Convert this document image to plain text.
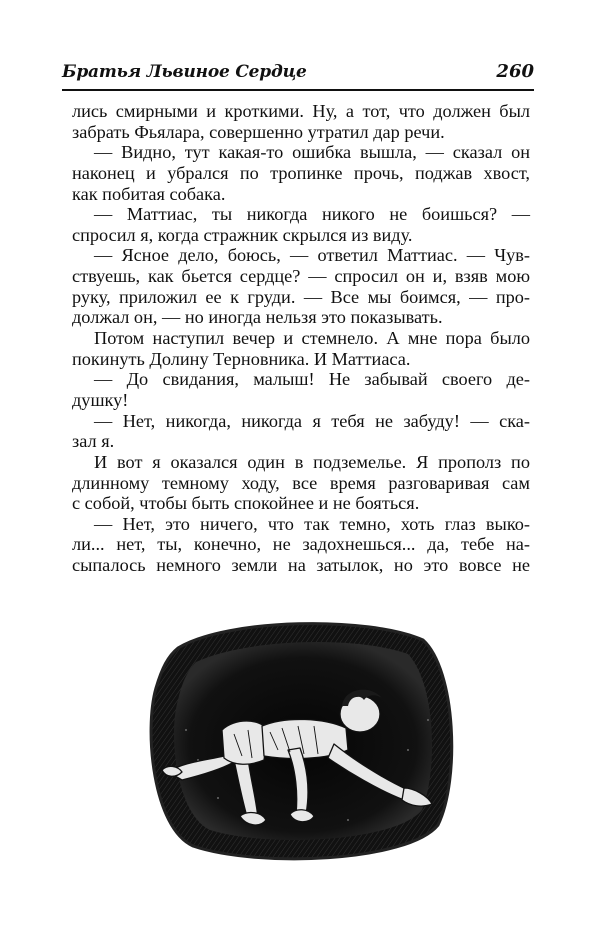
Братья Львиное Сердце	260
лись смирными и кроткими. Ну, а тот, что должен был
забрать Фьялара, совершенно утратил дар речи.
— Видно, тут какая-то ошибка вышла, — сказал он
наконец и убрался по тропинке прочь, поджав хвост,
как побитая собака.
— Маттиас, ты никогда никого не боишься? —
спросил я, когда стражник скрылся из виду.
— Ясное дело, боюсь, — ответил Маттиас. — Чув-
ствуешь, как бьется сердце? — спросил он и, взяв мою
руку, приложил ее к груди. — Все мы боимся, — про-
должал он, — но иногда нельзя это показывать.
Потом наступил вечер и стемнело. А мне пора было
покинуть Долину Терновника. И Маттиаса.
— До свидания, малыш! Не забывай своего де-
душку!
— Нет, никогда, никогда я тебя не забуду! — ска-
зал я.
И вот я оказался один в подземелье. Я прополз по
длинному темному ходу, все время разговаривая сам
с собой, чтобы быть спокойнее и не бояться.
— Нет, это ничего, что так темно, хоть глаз выко-
ли... нет, ты, конечно, не задохнешься... да, тебе на-
сыпалось немного земли на затылок, но это вовсе не
